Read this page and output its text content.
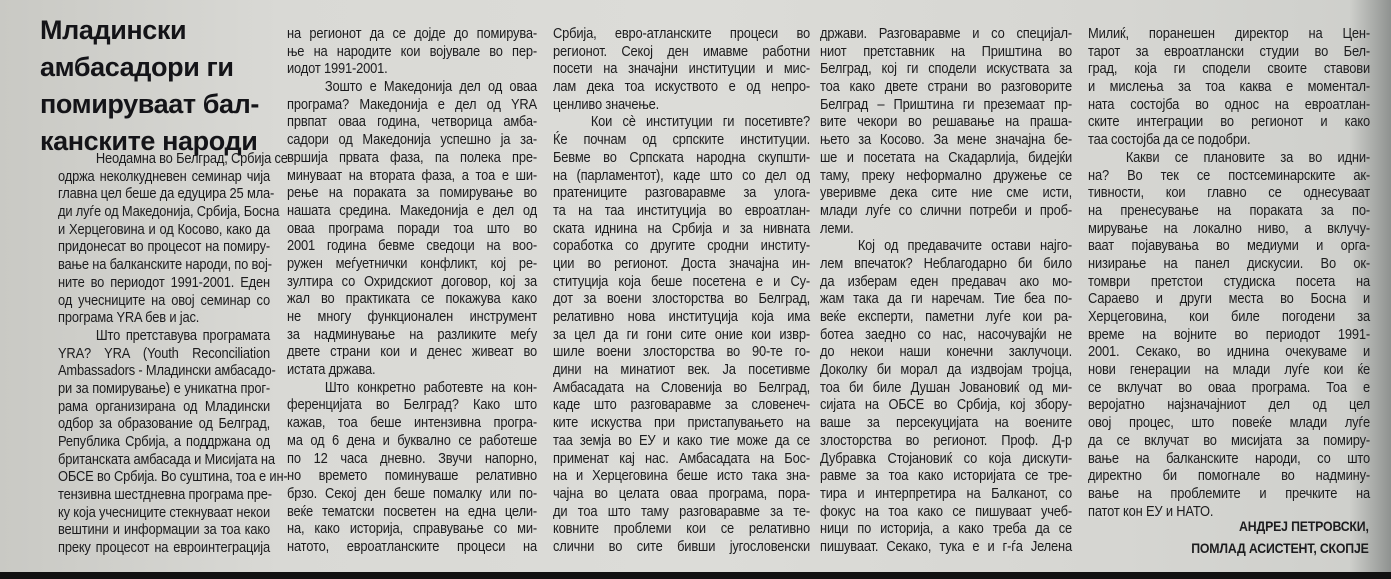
Младински
амбасадори ги
помируваат бал-
канските народи
Неодамна во Белград, Србија се
одржа неколкудневен семинар чија
главна цел беше да едуцира 25 мла-
ди луѓе од Македонија, Србија, Босна
и Херцеговина и од Косово, како да
придонесат во процесот на помиру-
вање на балканските народи, по вој-
ните во периодот 1991-2001. Еден
од учесниците на овој семинар со
програма YRA бев и јас.
Што претставува програмата
YRA? YRA (Youth Reconciliation
Ambassadors - Младински амбасадо-
ри за помирување) е уникатна прог-
рама организирана од Младински
одбор за образование од Белград,
Република Србија, а поддржана од
британската амбасада и Мисијата на
ОБСЕ во Србија. Во суштина, тоа е ин-
тензивна шестдневна програма пре-
ку која учесниците стекнуваат некои
вештини и информации за тоа како
преку процесот на евроинтеграција
на регионот да се дојде до помирува-
ње на народите кои војувале во пер-
иодот 1991-2001.
Зошто е Македонија дел од оваа
програма? Македонија е дел од YRA
првпат оваа година, четворица амба-
садори од Македонија успешно ја за-
вршија првата фаза, па полека пре-
минуваат на втората фаза, а тоа е ши-
рење на пораката за помирување во
нашата средина. Македонија е дел од
оваа програма поради тоа што во
2001 година бевме сведоци на воо-
ружен меѓуетнички конфликт, кој ре-
зултира со Охридскиот договор, кој за
жал во практиката се покажува како
не многу функционален инструмент
за надминување на разликите меѓу
двете страни кои и денес живеат во
истата држава.
Што конкретно работевте на кон-
ференцијата во Белград? Како што
кажав, тоа беше интензивна програ-
ма од 6 дена и буквално се работеше
по 12 часа дневно. Звучи напорно,
но времето поминуваше релативно
брзо. Секој ден беше помалку или по-
веќе тематски посветен на една цели-
на, како историја, справување со ми-
натото, евроатланските процеси на
Србија, евро-атланските процеси во
регионот. Секој ден имавме работни
посети на значајни институции и мис-
лам дека тоа искуството е од непро-
ценливо значење.
Кои сè институции ги посетивте?
Ќе почнам од српските институции.
Бевме во Српската народна скупшти-
на (парламентот), каде што со дел од
пратениците разговаравме за улога-
та на таа институција во евроатлан-
ската иднина на Србија и за нивната
соработка со другите сродни институ-
ции во регионот. Доста значајна ин-
ституција која беше посетена е и Су-
дот за воени злосторства во Белград,
релативно нова институција која има
за цел да ги гони сите оние кои извр-
шиле воени злосторства во 90-те го-
дини на минатиот век. Ја посетивме
Амбасадата на Словенија во Белград,
каде што разговаравме за словенеч-
ките искуства при пристапувањето на
таа земја во ЕУ и како тие може да се
применат кај нас. Амбасадата на Бос-
на и Херцеговина беше исто така зна-
чајна во целата оваа програма, пора-
ди тоа што таму разговаравме за те-
ковните проблеми кои се релативно
слични во сите бивши југословенски
држави. Разговаравме и со специјал-
ниот претставник на Приштина во
Белград, кој ги сподели искуствата за
тоа како двете страни во разговорите
Белград – Приштина ги преземаат пр-
вите чекори во решавање на праша-
њето за Косово. За мене значајна бе-
ше и посетата на Скадарлија, бидејќи
таму, преку неформално дружење се
уверивме дека сите ние сме исти,
млади луѓе со слични потреби и проб-
леми.
Кој од предавачите остави најго-
лем впечаток? Неблагодарно би било
да изберам еден предавач ако мо-
жам така да ги наречам. Тие беа по-
веќе експерти, паметни луѓе кои ра-
ботеа заедно со нас, насочувајќи не
до некои наши конечни заклучоци.
Доколку би морал да издвојам тројца,
тоа би биле Душан Јовановиќ од ми-
сијата на ОБСЕ во Србија, кој збору-
ваше за персекуцијата на воените
злосторства во регионот. Проф. Д-р
Дубравка Стојановиќ со која дискути-
равме за тоа како историјата се тре-
тира и интерпретира на Балканот, со
фокус на тоа како се пишуваат учеб-
ници по историја, а како треба да се
пишуваат. Секако, тука е и г-ѓа Јелена
Милиќ, поранешен директор на Цен-
тарот за евроатлански студии во Бел-
град, која ги сподели своите ставови
и мислења за тоа каква е моментал-
ната состојба во однос на евроатлан-
ските интеграции во регионот и како
таа состојба да се подобри.
Какви се плановите за во идни-
на? Во тек се постсеминарските ак-
тивности, кои главно се однесуваат
на пренесување на пораката за по-
мирување на локално ниво, а вклучу-
ваат појавувања во медиуми и орга-
низирање на панел дискусии. Во ок-
томври претстои студиска посета на
Сараево и други места во Босна и
Херцеговина, кои биле погодени за
време на војните во периодот 1991-
2001. Секако, во иднина очекуваме и
нови генерации на млади луѓе кои ќе
се вклучат во оваа програма. Тоа е
веројатно најзначајниот дел од цел
овој процес, што повеќе млади луѓе
да се вклучат во мисијата за помиру-
вање на балканските народи, со што
директно би помогнале во надмину-
вање на проблемите и пречките на
патот кон ЕУ и НАТО.
АНДРЕЈ ПЕТРОВСКИ,
ПОМЛАД АСИСТЕНТ, СКОПЈЕ
